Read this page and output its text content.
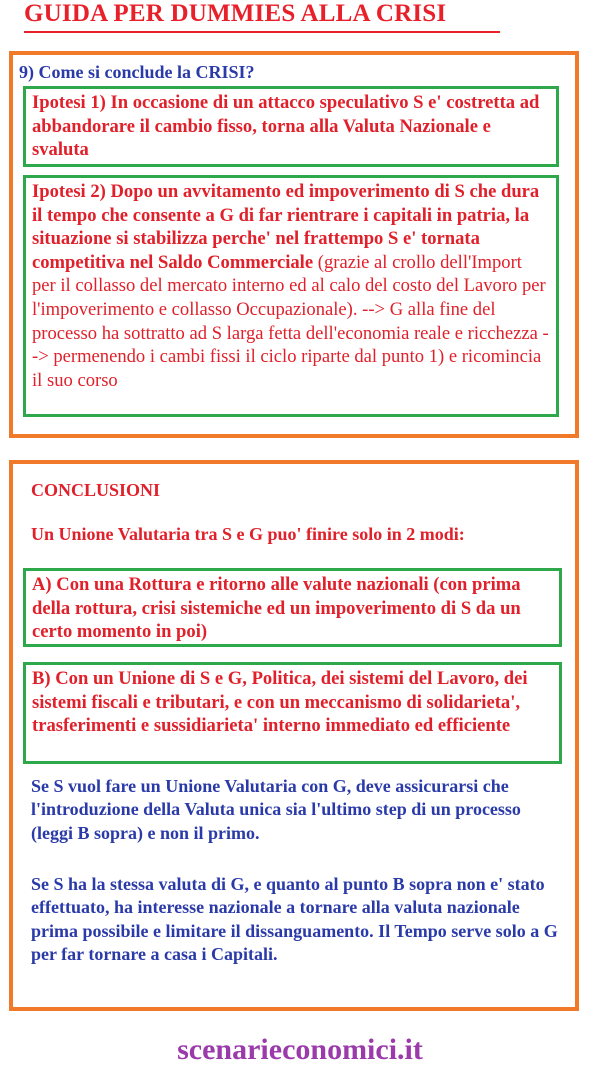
GUIDA PER DUMMIES ALLA CRISI
9) Come si conclude la CRISI?
Ipotesi 1) In occasione di un attacco speculativo S e' costretta ad abbandorare il cambio fisso, torna alla Valuta Nazionale e svaluta
Ipotesi 2) Dopo un avvitamento ed impoverimento di S che dura il tempo che consente a G di far rientrare i capitali in patria, la situazione si stabilizza perche' nel frattempo S e' tornata competitiva nel Saldo Commerciale (grazie al crollo dell'Import per il collasso del mercato interno ed al calo del costo del Lavoro per l'impoverimento e collasso Occupazionale). --> G alla fine del processo ha sottratto ad S larga fetta dell'economia reale e ricchezza --> permenendo i cambi fissi il ciclo riparte dal punto 1) e ricomincia il suo corso
CONCLUSIONI
Un Unione Valutaria tra S e G puo' finire solo in 2 modi:
A) Con una Rottura e ritorno alle valute nazionali (con prima della rottura, crisi sistemiche ed un impoverimento di S da un certo momento in poi)
B) Con un Unione di S e G, Politica, dei sistemi del Lavoro, dei sistemi fiscali e tributari, e con un meccanismo di solidarieta', trasferimenti e sussidiarieta' interno immediato ed efficiente
Se S vuol fare un Unione Valutaria con G, deve assicurarsi che l'introduzione della Valuta unica sia l'ultimo step di un processo (leggi B sopra) e non il primo.
Se S ha la stessa valuta di G, e quanto al punto B sopra non e' stato effettuato, ha interesse nazionale a tornare alla valuta nazionale prima possibile e limitare il dissanguamento. Il Tempo serve solo a G per far tornare a casa i Capitali.
scenarieconomici.it
